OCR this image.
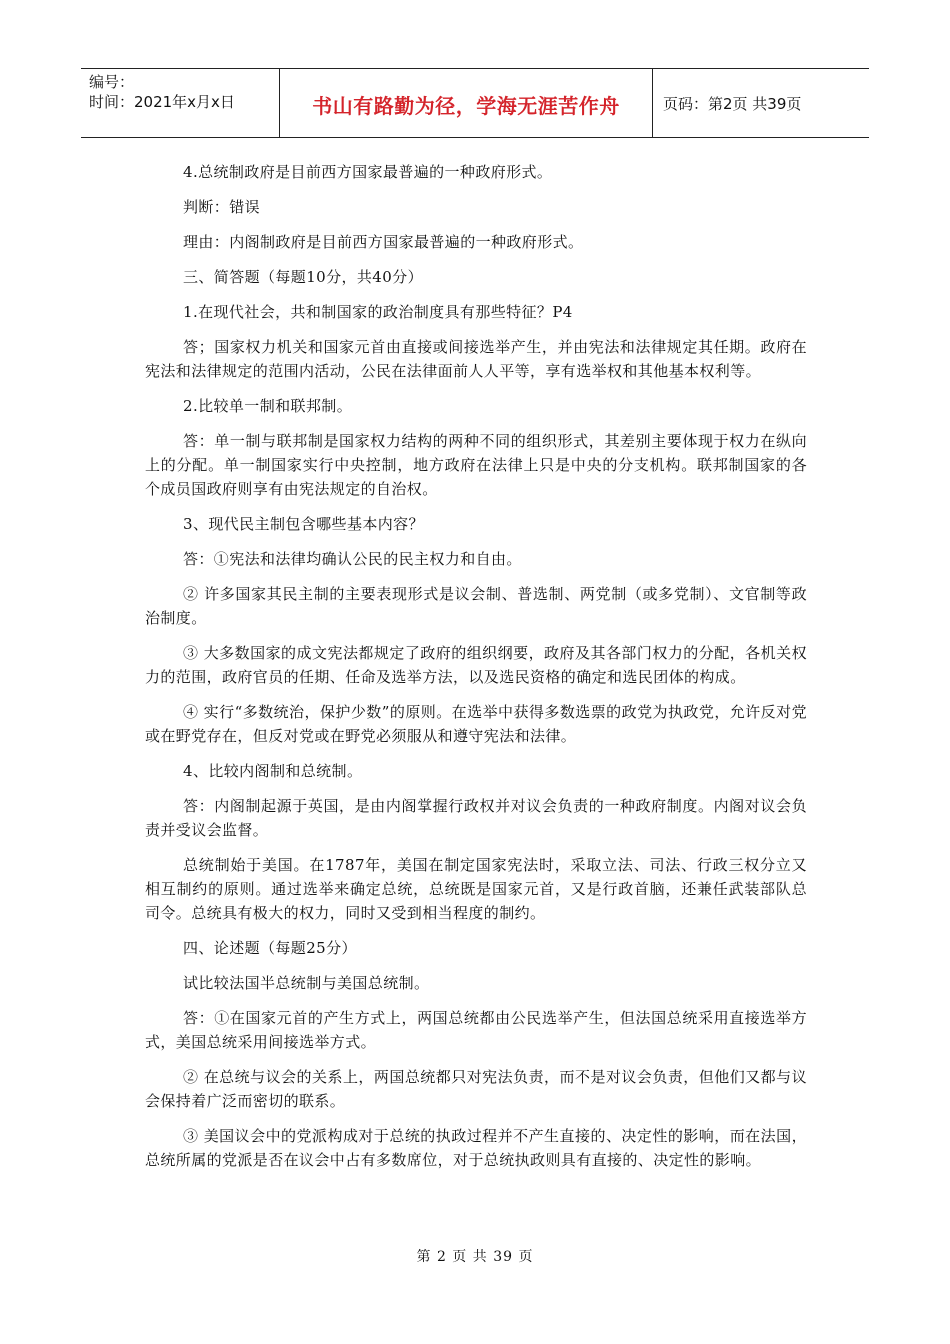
编号：
时间：2021年x月x日	书山有路勤为径，学海无涯苦作舟	页码：第2页 共39页

4.总统制政府是目前西方国家最普遍的一种政府形式。

判断：错误

理由：内阁制政府是目前西方国家最普遍的一种政府形式。

三、简答题（每题10分，共40分）

1.在现代社会，共和制国家的政治制度具有那些特征？P4

答；国家权力机关和国家元首由直接或间接选举产生，并由宪法和法律规定其任期。政府在宪法和法律规定的范围内活动，公民在法律面前人人平等，享有选举权和其他基本权利等。

2.比较单一制和联邦制。

答：单一制与联邦制是国家权力结构的两种不同的组织形式，其差别主要体现于权力在纵向上的分配。单一制国家实行中央控制，地方政府在法律上只是中央的分支机构。联邦制国家的各个成员国政府则享有由宪法规定的自治权。

3、现代民主制包含哪些基本内容？

答：①宪法和法律均确认公民的民主权力和自由。

② 许多国家其民主制的主要表现形式是议会制、普选制、两党制（或多党制）、文官制等政治制度。

③ 大多数国家的成文宪法都规定了政府的组织纲要，政府及其各部门权力的分配，各机关权力的范围，政府官员的任期、任命及选举方法，以及选民资格的确定和选民团体的构成。

④ 实行“多数统治，保护少数”的原则。在选举中获得多数选票的政党为执政党，允许反对党或在野党存在，但反对党或在野党必须服从和遵守宪法和法律。

4、比较内阁制和总统制。

答：内阁制起源于英国，是由内阁掌握行政权并对议会负责的一种政府制度。内阁对议会负责并受议会监督。

总统制始于美国。在1787年，美国在制定国家宪法时，采取立法、司法、行政三权分立又相互制约的原则。通过选举来确定总统，总统既是国家元首，又是行政首脑，还兼任武装部队总司令。总统具有极大的权力，同时又受到相当程度的制约。

四、论述题（每题25分）

试比较法国半总统制与美国总统制。

答：①在国家元首的产生方式上，两国总统都由公民选举产生，但法国总统采用直接选举方式，美国总统采用间接选举方式。

② 在总统与议会的关系上，两国总统都只对宪法负责，而不是对议会负责，但他们又都与议会保持着广泛而密切的联系。

③ 美国议会中的党派构成对于总统的执政过程并不产生直接的、决定性的影响，而在法国，总统所属的党派是否在议会中占有多数席位，对于总统执政则具有直接的、决定性的影响。

第 2 页 共 39 页
